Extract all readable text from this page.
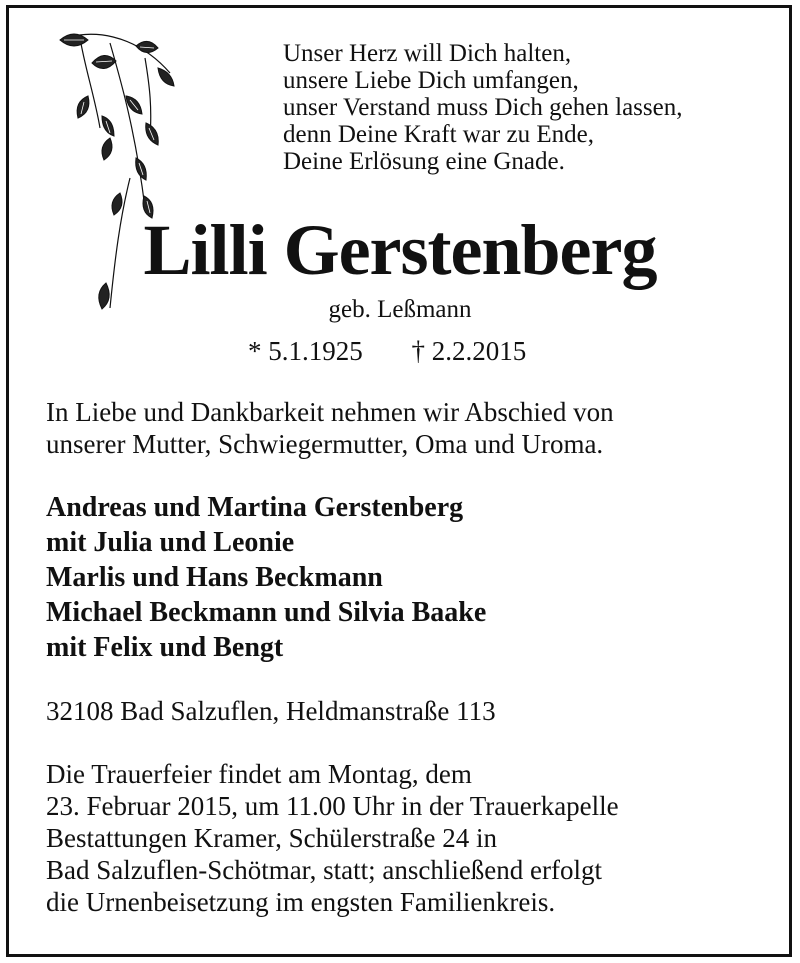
Unser Herz will Dich halten,
unsere Liebe Dich umfangen,
unser Verstand muss Dich gehen lassen,
denn Deine Kraft war zu Ende,
Deine Erlösung eine Gnade.
Lilli Gerstenberg
geb. Leßmann
* 5.1.1925 † 2.2.2015
In Liebe und Dankbarkeit nehmen wir Abschied von
unserer Mutter, Schwiegermutter, Oma und Uroma.
Andreas und Martina Gerstenberg
mit Julia und Leonie
Marlis und Hans Beckmann
Michael Beckmann und Silvia Baake
mit Felix und Bengt
32108 Bad Salzuflen, Heldmanstraße 113
Die Trauerfeier findet am Montag, dem
23. Februar 2015, um 11.00 Uhr in der Trauerkapelle
Bestattungen Kramer, Schülerstraße 24 in
Bad Salzuflen-Schötmar, statt; anschließend erfolgt
die Urnenbeisetzung im engsten Familienkreis.
